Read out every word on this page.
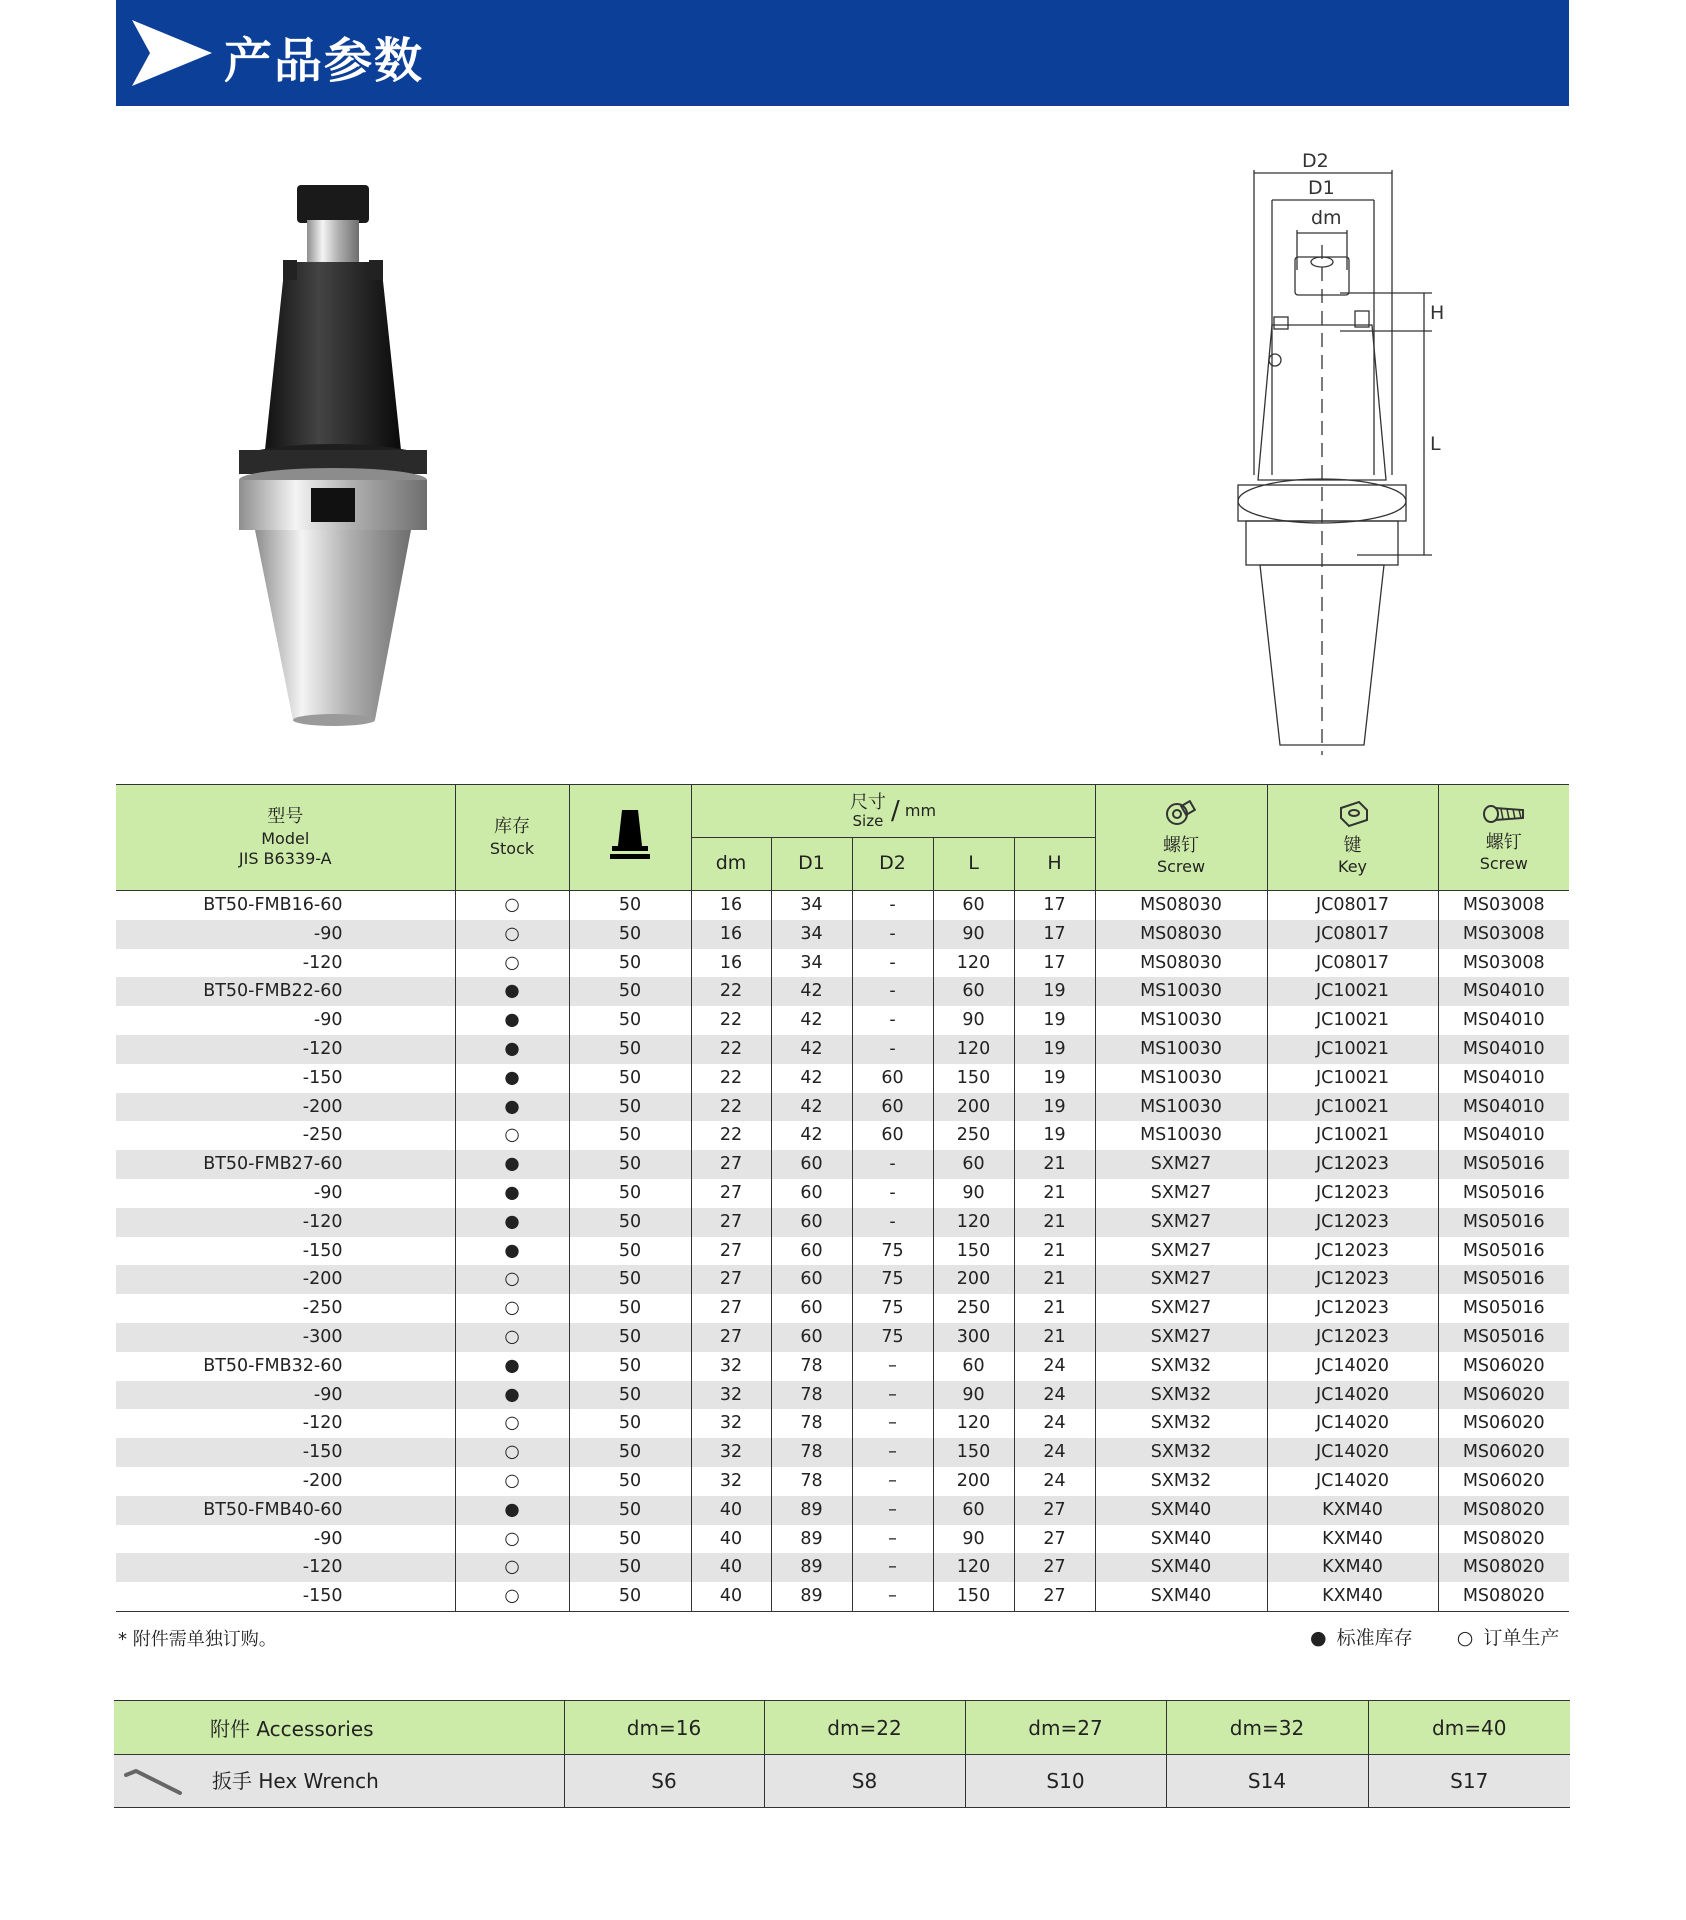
产品参数
D2
D1
dm
H
L
型号
Model
JIS B6339-A	库存
Stock		尺寸
Size / mm					螺钉
Screw	键
Key	螺钉
Screw

			dm	D1	D2	L	H			
BT50-FMB16-60	○	50	16	34	-	60	17	MS08030	JC08017	MS03008
-90	○	50	16	34	-	90	17	MS08030	JC08017	MS03008
-120	○	50	16	34	-	120	17	MS08030	JC08017	MS03008
BT50-FMB22-60	●	50	22	42	-	60	19	MS10030	JC10021	MS04010
-90	●	50	22	42	-	90	19	MS10030	JC10021	MS04010
-120	●	50	22	42	-	120	19	MS10030	JC10021	MS04010
-150	●	50	22	42	60	150	19	MS10030	JC10021	MS04010
-200	●	50	22	42	60	200	19	MS10030	JC10021	MS04010
-250	○	50	22	42	60	250	19	MS10030	JC10021	MS04010
BT50-FMB27-60	●	50	27	60	-	60	21	SXM27	JC12023	MS05016
-90	●	50	27	60	-	90	21	SXM27	JC12023	MS05016
-120	●	50	27	60	-	120	21	SXM27	JC12023	MS05016
-150	●	50	27	60	75	150	21	SXM27	JC12023	MS05016
-200	○	50	27	60	75	200	21	SXM27	JC12023	MS05016
-250	○	50	27	60	75	250	21	SXM27	JC12023	MS05016
-300	○	50	27	60	75	300	21	SXM27	JC12023	MS05016
BT50-FMB32-60	●	50	32	78	–	60	24	SXM32	JC14020	MS06020
-90	●	50	32	78	–	90	24	SXM32	JC14020	MS06020
-120	○	50	32	78	–	120	24	SXM32	JC14020	MS06020
-150	○	50	32	78	–	150	24	SXM32	JC14020	MS06020
-200	○	50	32	78	–	200	24	SXM32	JC14020	MS06020
BT50-FMB40-60	●	50	40	89	–	60	27	SXM40	KXM40	MS08020
-90	○	50	40	89	–	90	27	SXM40	KXM40	MS08020
-120	○	50	40	89	–	120	27	SXM40	KXM40	MS08020
-150	○	50	40	89	–	150	27	SXM40	KXM40	MS08020
* 附件需单独订购。	● 标准库存 ○ 订单生产
附件 Accessories	dm=16	dm=22	dm=27	dm=32	dm=40
扳手 Hex Wrench	S6	S8	S10	S14	S17
